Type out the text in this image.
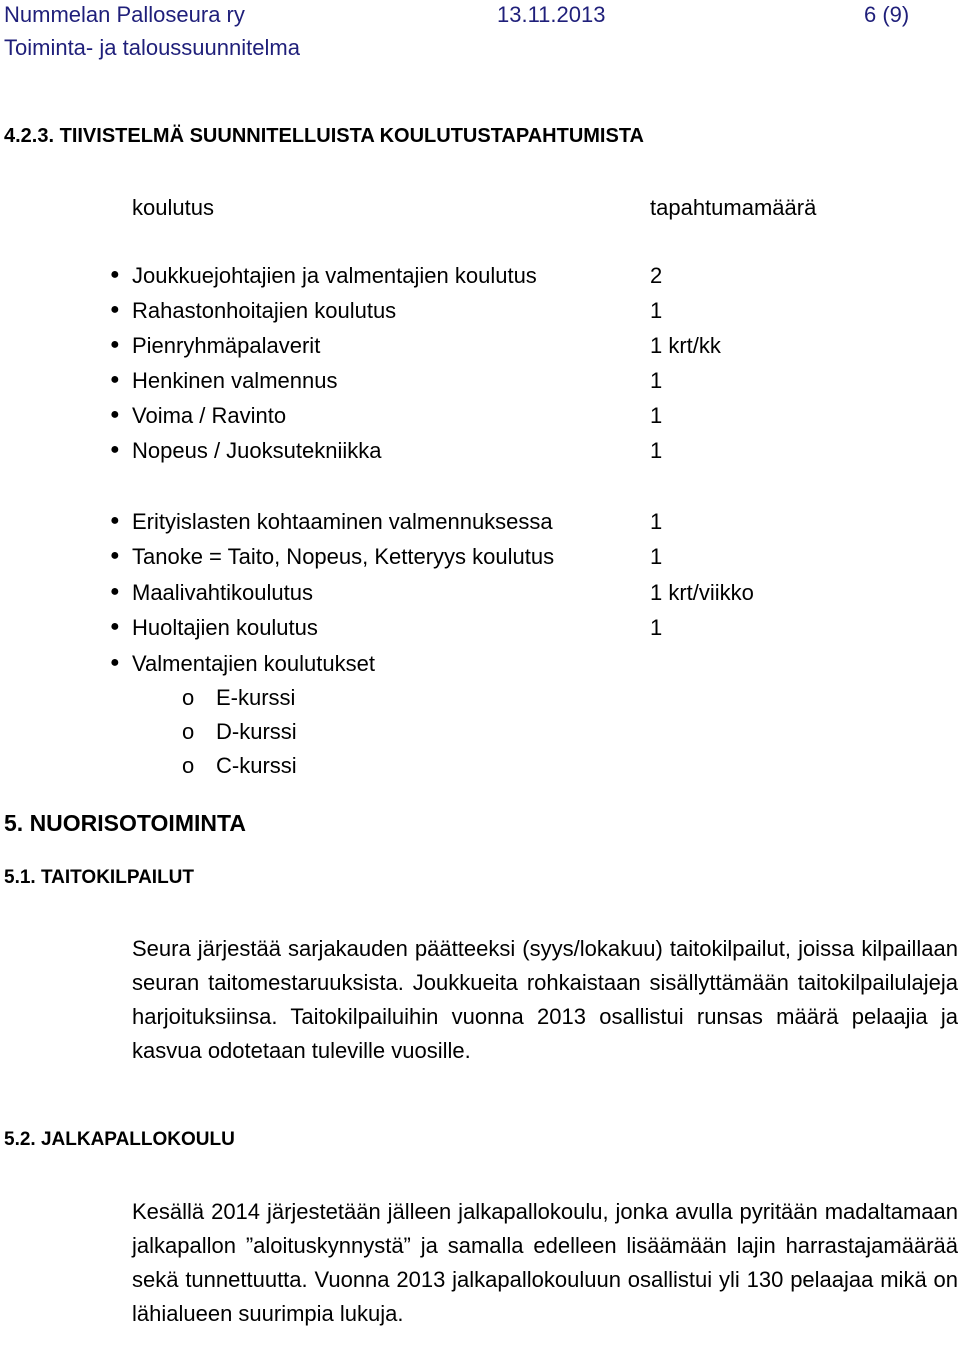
Nummelan Palloseura ry	13.11.2013	6 (9)
Toiminta- ja taloussuunnitelma
4.2.3. TIIVISTELMÄ SUUNNITELLUISTA KOULUTUSTAPAHTUMISTA
koulutus	tapahtumamäärä
● Joukkuejohtajien ja valmentajien koulutus	2
● Rahastonhoitajien koulutus	1
● Pienryhmäpalaverit	1 krt/kk
● Henkinen valmennus	1
● Voima / Ravinto	1
● Nopeus / Juoksutekniikka	1
● Erityislasten kohtaaminen valmennuksessa	1
● Tanoke = Taito, Nopeus, Ketteryys koulutus	1
● Maalivahtikoulutus	1 krt/viikko
● Huoltajien koulutus	1
● Valmentajien koulutukset
o E-kurssi
o D-kurssi
o C-kurssi
5. NUORISOTOIMINTA
5.1. TAITOKILPAILUT
Seura järjestää sarjakauden päätteeksi (syys/lokakuu) taitokilpailut, joissa kilpaillaan seuran taitomestaruuksista. Joukkueita rohkaistaan sisällyttämään taitokilpailulajeja harjoituksiinsa. Taitokilpailuihin vuonna 2013 osallistui runsas määrä pelaajia ja kasvua odotetaan tuleville vuosille.
5.2. JALKAPALLOKOULU
Kesällä 2014 järjestetään jälleen jalkapallokoulu, jonka avulla pyritään madaltamaan jalkapallon ”aloituskynnystä” ja samalla edelleen lisäämään lajin harrastajamäärää sekä tunnettuutta. Vuonna 2013 jalkapallokouluun osallistui yli 130 pelaajaa mikä on lähialueen suurimpia lukuja.
